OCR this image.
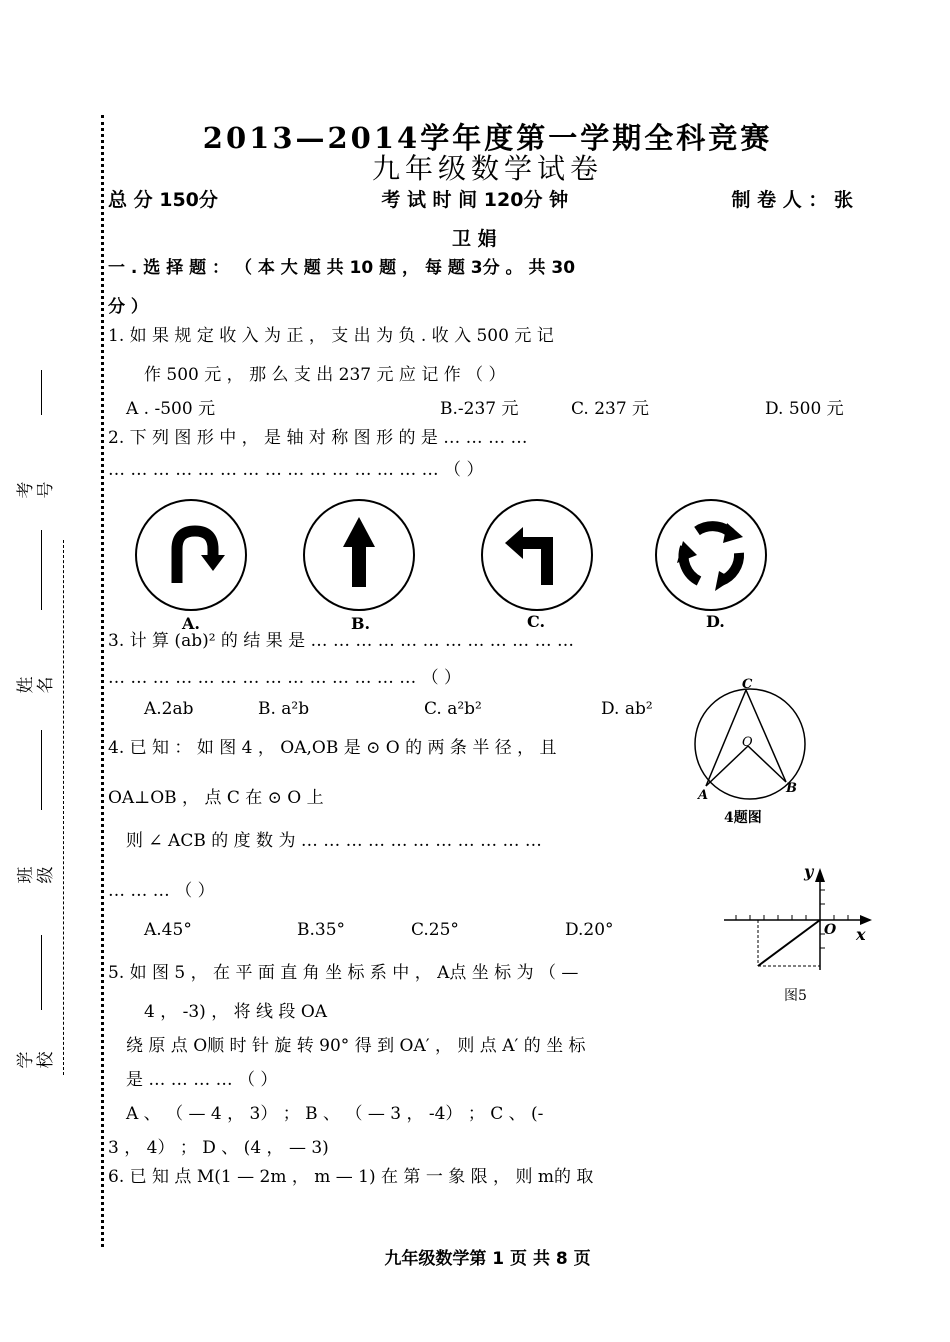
考号
姓名
班级
学校
2013—2014学年度第一学期全科竞赛
九年级数学试卷
总 分 150分	考 试 时 间 120分 钟	制 卷 人 ： 张
卫 娟
一 . 选 择 题 ： （ 本 大 题 共 10 题 ， 每 题 3分 。 共 30
分 ）
1. 如 果 规 定 收 入 为 正 ， 支 出 为 负 . 收 入 500 元 记
作 500 元 ， 那 么 支 出 237 元 应 记 作 （ ）
A . -500 元	B.-237 元	C. 237 元	D. 500 元
2. 下 列 图 形 中 ， 是 轴 对 称 图 形 的 是 … … … …
… … … … … … … … … … … … … … … （ ）
A.	B.	C.	D.
3. 计 算 (ab)² 的 结 果 是 … … … … … … … … … … … …
… … … … … … … … … … … … … … （ ）
A.2ab	B. a²b	C. a²b²	D. ab²
C
O
A	B
4题图
4. 已 知 ： 如 图 4 ， OA,OB 是 ⊙ O 的 两 条 半 径 ， 且
OA⊥OB ， 点 C 在 ⊙ O 上
则 ∠ ACB 的 度 数 为 … … … … … … … … … … …
… … … （ ）
A.45°	B.35°	C.25°	D.20°
y
x
O
图5
5. 如 图 5 ， 在 平 面 直 角 坐 标 系 中 ， A点 坐 标 为 （ —
4 ， -3) ， 将 线 段 OA
绕 原 点 O顺 时 针 旋 转 90° 得 到 OA′ ， 则 点 A′ 的 坐 标
是 … … … … （ ）
A 、 （ — 4 ， 3） ； B 、 （ — 3 ， -4） ； C 、 (-
3 ， 4） ； D 、 (4 ， — 3)
6. 已 知 点 M(1 — 2m ， m — 1) 在 第 一 象 限 ， 则 m的 取
九年级数学第 1 页 共 8 页
